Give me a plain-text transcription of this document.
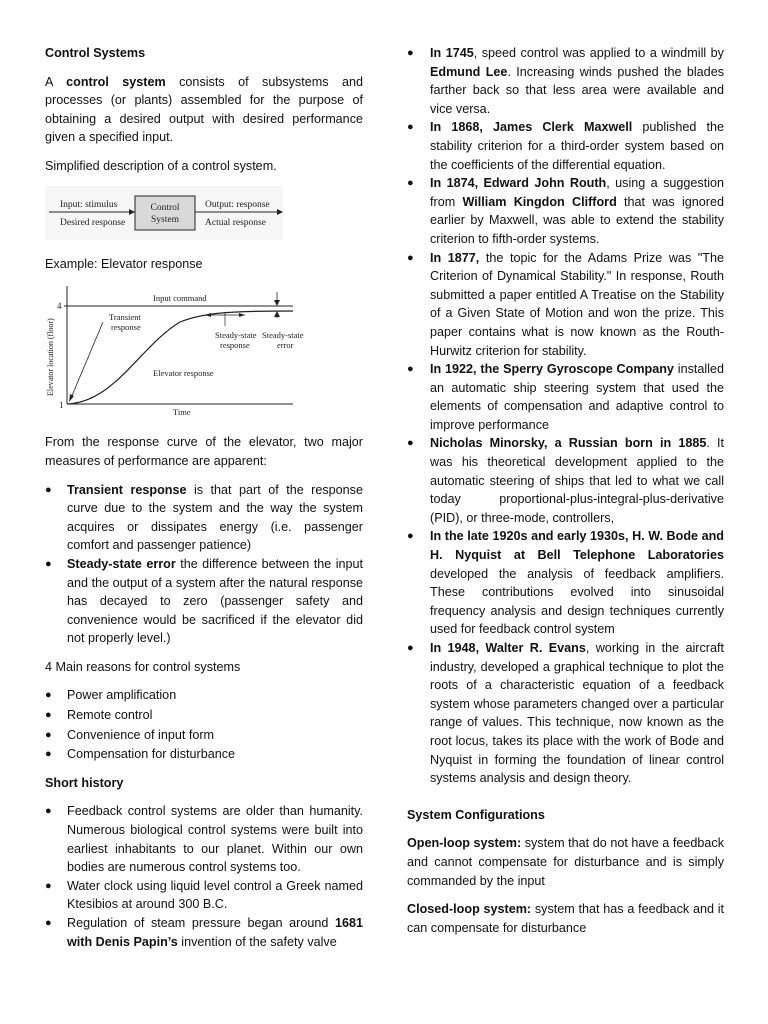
Control Systems

A control system consists of subsystems and processes (or plants) assembled for the purpose of obtaining a desired output with desired performance given a specified input.

Simplified description of a control system.

Input: stimulus
Desired response
Control
System
Output: response
Actual response

Example: Elevator response

4
1
Input command
Transient
response
Steady-state
response
Steady-state
error
Elevator response
Time
Elevator location (floor)

From the response curve of the elevator, two major measures of performance are apparent:

● Transient response is that part of the response curve due to the system and the way the system acquires or dissipates energy (i.e. passenger comfort and passenger patience)
● Steady-state error the difference between the input and the output of a system after the natural response has decayed to zero (passenger safety and convenience would be sacrificed if the elevator did not properly level.)

4 Main reasons for control systems

● Power amplification
● Remote control
● Convenience of input form
● Compensation for disturbance

Short history

● Feedback control systems are older than humanity. Numerous biological control systems were built into earliest inhabitants to our planet. Within our own bodies are numerous control systems too.
● Water clock using liquid level control a Greek named Ktesibios at around 300 B.C.
● Regulation of steam pressure began around 1681 with Denis Papin’s invention of the safety valve
● In 1745, speed control was applied to a windmill by Edmund Lee. Increasing winds pushed the blades farther back so that less area were available and vice versa.
● In 1868, James Clerk Maxwell published the stability criterion for a third-order system based on the coefficients of the differential equation.
● In 1874, Edward John Routh, using a suggestion from William Kingdon Clifford that was ignored earlier by Maxwell, was able to extend the stability criterion to fifth-order systems.
● In 1877, the topic for the Adams Prize was "The Criterion of Dynamical Stability." In response, Routh submitted a paper entitled A Treatise on the Stability of a Given State of Motion and won the prize. This paper contains what is now known as the Routh-Hurwitz criterion for stability.
● In 1922, the Sperry Gyroscope Company installed an automatic ship steering system that used the elements of compensation and adaptive control to improve performance
● Nicholas Minorsky, a Russian born in 1885. It was his theoretical development applied to the automatic steering of ships that led to what we call today proportional-plus-integral-plus-derivative (PID), or three-mode, controllers,
● In the late 1920s and early 1930s, H. W. Bode and H. Nyquist at Bell Telephone Laboratories developed the analysis of feedback amplifiers. These contributions evolved into sinusoidal frequency analysis and design techniques currently used for feedback control system
● In 1948, Walter R. Evans, working in the aircraft industry, developed a graphical technique to plot the roots of a characteristic equation of a feedback system whose parameters changed over a particular range of values. This technique, now known as the root locus, takes its place with the work of Bode and Nyquist in forming the foundation of linear control systems analysis and design theory.

System Configurations

Open-loop system: system that do not have a feedback and cannot compensate for disturbance and is simply commanded by the input

Closed-loop system: system that has a feedback and it can compensate for disturbance
